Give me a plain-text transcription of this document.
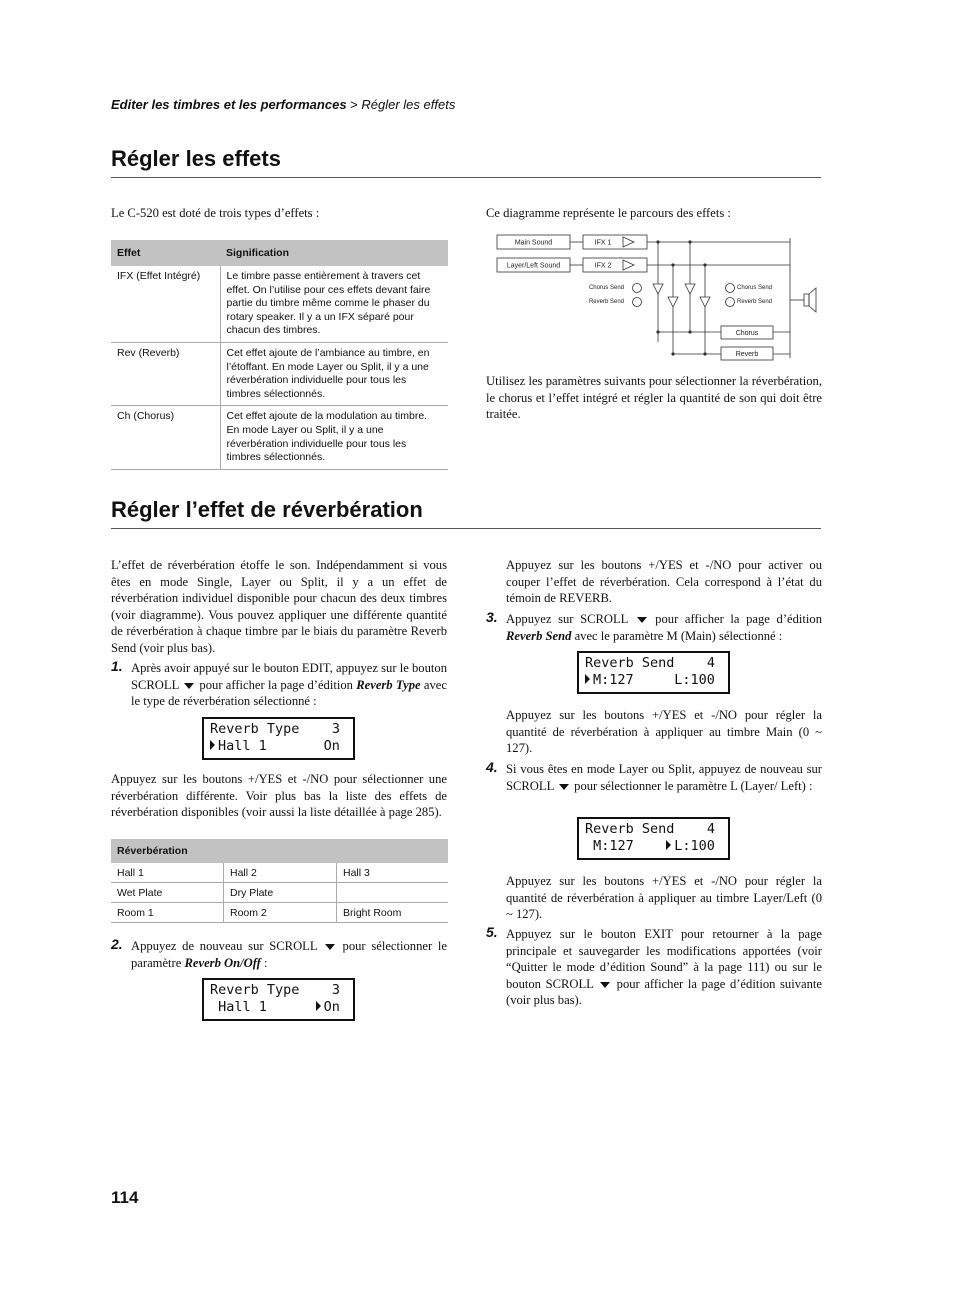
Editer les timbres et les performances > Régler les effets
Régler les effets
Le C-520 est doté de trois types d’effets :
Effet	Signification
IFX (Effet Intégré)	Le timbre passe entièrement à travers cet effet. On l’utilise pour ces effets devant faire partie du timbre même comme le phaser du rotary speaker. Il y a un IFX séparé pour chacun des timbres.
Rev (Reverb)	Cet effet ajoute de l’ambiance au timbre, en l’étoffant. En mode Layer ou Split, il y a une réverbération individuelle pour tous les timbres sélectionnés.
Ch (Chorus)	Cet effet ajoute de la modulation au timbre. En mode Layer ou Split, il y a une réverbération individuelle pour tous les timbres sélectionnés.
Ce diagramme représente le parcours des effets :
Main Sound
Layer/Left Sound
IFX 1
IFX 2
Chorus Send
Reverb Send
Chorus Send
Reverb Send
Chorus
Reverb
Utilisez les paramètres suivants pour sélectionner la réverbération, le chorus et l’effet intégré et régler la quantité de son qui doit être traitée.
Régler l’effet de réverbération
L’effet de réverbération étoffe le son. Indépendamment si vous êtes en mode Single, Layer ou Split, il y a un effet de réverbération individuel disponible pour chacun des deux timbres (voir diagramme). Vous pouvez appliquer une différente quantité de réverbération à chaque timbre par le biais du paramètre Reverb Send (voir plus bas).
1. Après avoir appuyé sur le bouton EDIT, appuyez sur le bouton SCROLL pour afficher la page d’édition Reverb Type avec le type de réverbération sélectionné :
Reverb Type    3
Hall 1       On
Appuyez sur les boutons +/YES et -/NO pour sélectionner une réverbération différente. Voir plus bas la liste des effets de réverbération disponibles (voir aussi la liste détaillée à page 285).
Réverbération		
Hall 1	Hall 2	Hall 3
Wet Plate	Dry Plate	
Room 1	Room 2	Bright Room
2. Appuyez de nouveau sur SCROLL pour sélectionner le paramètre Reverb On/Off :
Reverb Type    3
Hall 1      On
Appuyez sur les boutons +/YES et -/NO pour activer ou couper l’effet de réverbération. Cela correspond à l’état du témoin de REVERB.
3. Appuyez sur SCROLL pour afficher la page d’édition Reverb Send avec le paramètre M (Main) sélectionné :
Reverb Send    4
M:127     L:100
Appuyez sur les boutons +/YES et -/NO pour régler la quantité de réverbération à appliquer au timbre Main (0 ~ 127).
4. Si vous êtes en mode Layer ou Split, appuyez de nouveau sur SCROLL pour sélectionner le paramètre L (Layer/ Left) :
Reverb Send    4
M:127    L:100
Appuyez sur les boutons +/YES et -/NO pour régler la quantité de réverbération à appliquer au timbre Layer/Left (0 ~ 127).
5. Appuyez sur le bouton EXIT pour retourner à la page principale et sauvegarder les modifications apportées (voir “Quitter le mode d’édition Sound” à la page 111) ou sur le bouton SCROLL pour afficher la page d’édition suivante (voir plus bas).
114
